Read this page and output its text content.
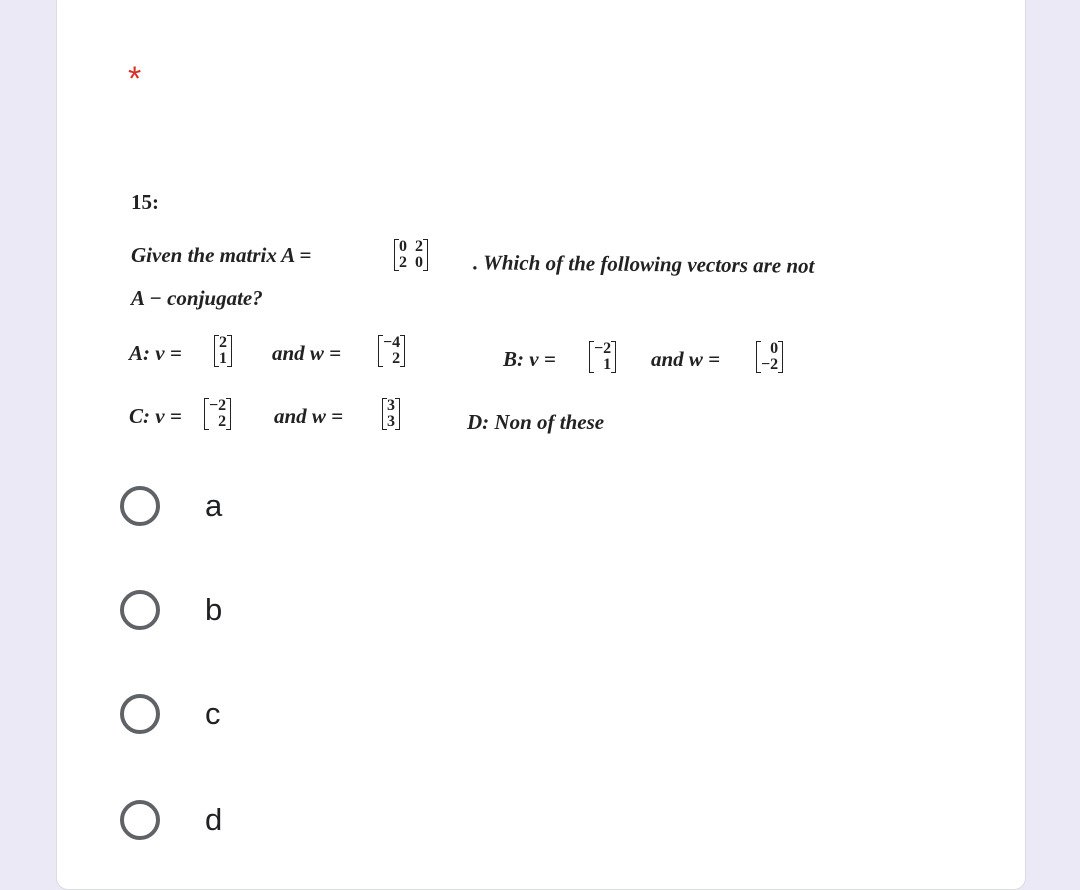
*
15:
Given the matrix A =	0  2
2  0 . Which of the following vectors are not
A − conjugate?
A: v = 2
1 and w =	−4
2	B: v = −2
1 and w =	0
−2
C: v = −2
2 and w =	3
3	D: Non of these
a
b
c
d
